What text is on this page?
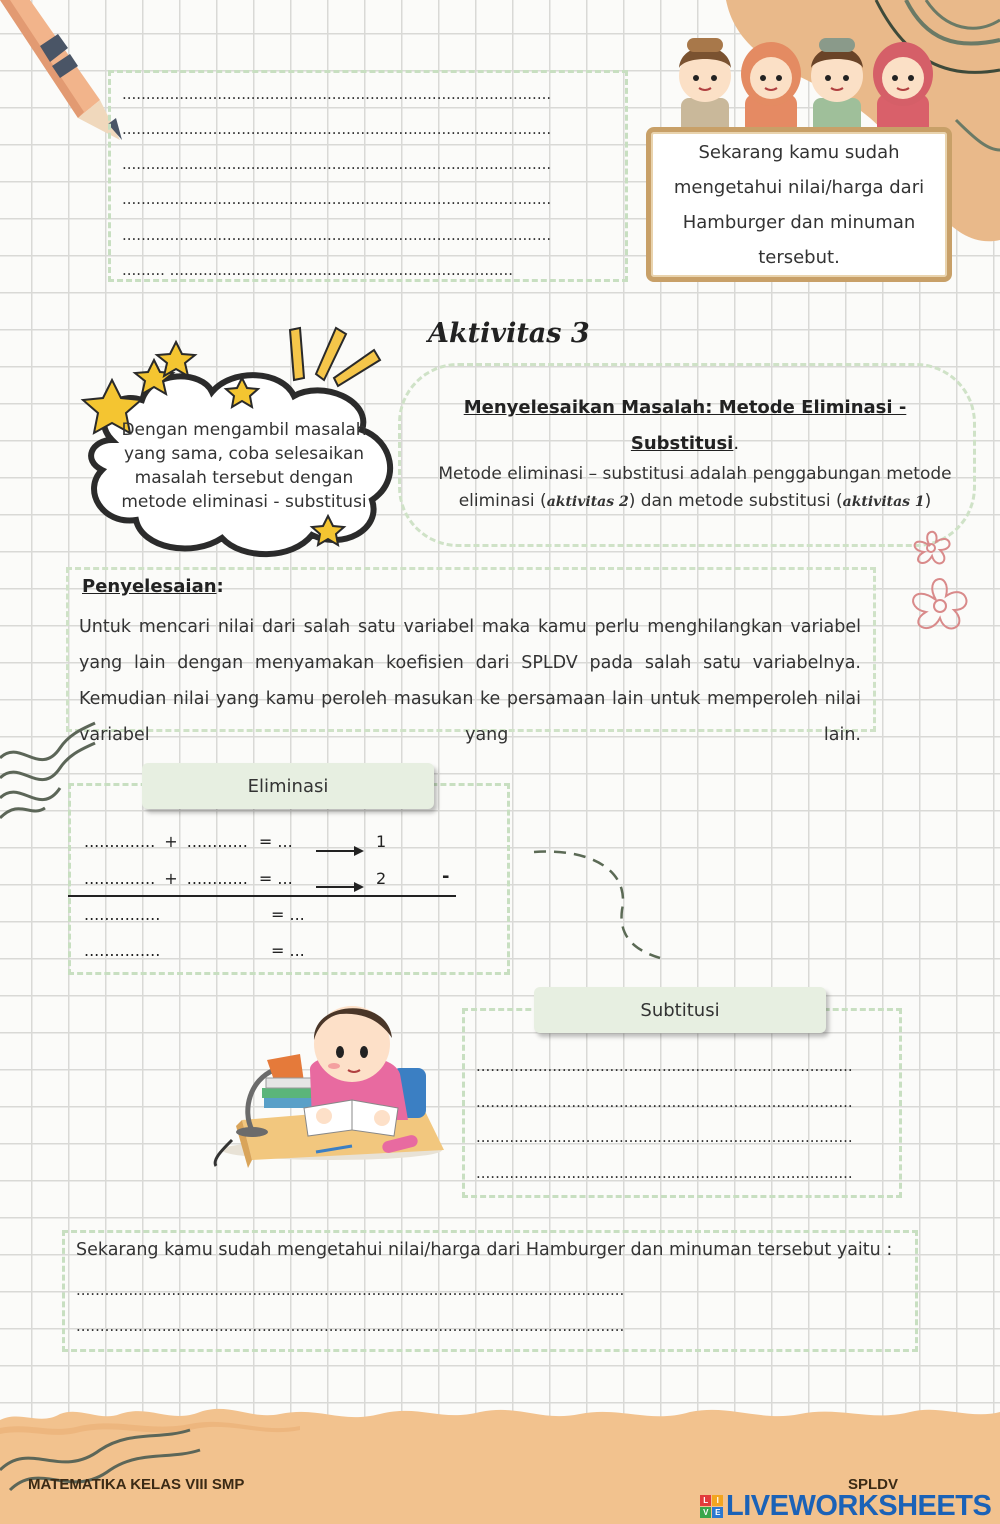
..........................................................................................
..........................................................................................
..........................................................................................
..........................................................................................
..........................................................................................
......... ........................................................................
Sekarang kamu sudah mengetahui nilai/harga dari Hamburger dan minuman tersebut.
Aktivitas 3
Dengan mengambil masalah yang sama, coba selesaikan masalah tersebut dengan metode eliminasi - substitusi
Menyelesaikan Masalah: Metode Eliminasi - Substitusi.
Metode eliminasi – substitusi adalah penggabungan metode eliminasi (aktivitas 2) dan metode substitusi (aktivitas 1)
Penyelesaian:
Untuk mencari nilai dari salah satu variabel maka kamu perlu menghilangkan variabel yang lain dengan menyamakan koefisien dari SPLDV pada salah satu variabelnya. Kemudian nilai yang kamu peroleh masukan ke persamaan lain untuk memperoleh nilai variabel yang lain.
Eliminasi
.............. + ............ = ...	1
.............. + ............ = ...	2	-
...............	= ...
...............	= ...
Subtitusi
...............................................................................
...............................................................................
...............................................................................
...............................................................................
Sekarang kamu sudah mengetahui nilai/harga dari Hamburger dan minuman tersebut yaitu :
...................................................................................................................
...................................................................................................................
MATEMATIKA KELAS VIII SMP	SPLDV
L	I
V E LIVEWORKSHEETS
